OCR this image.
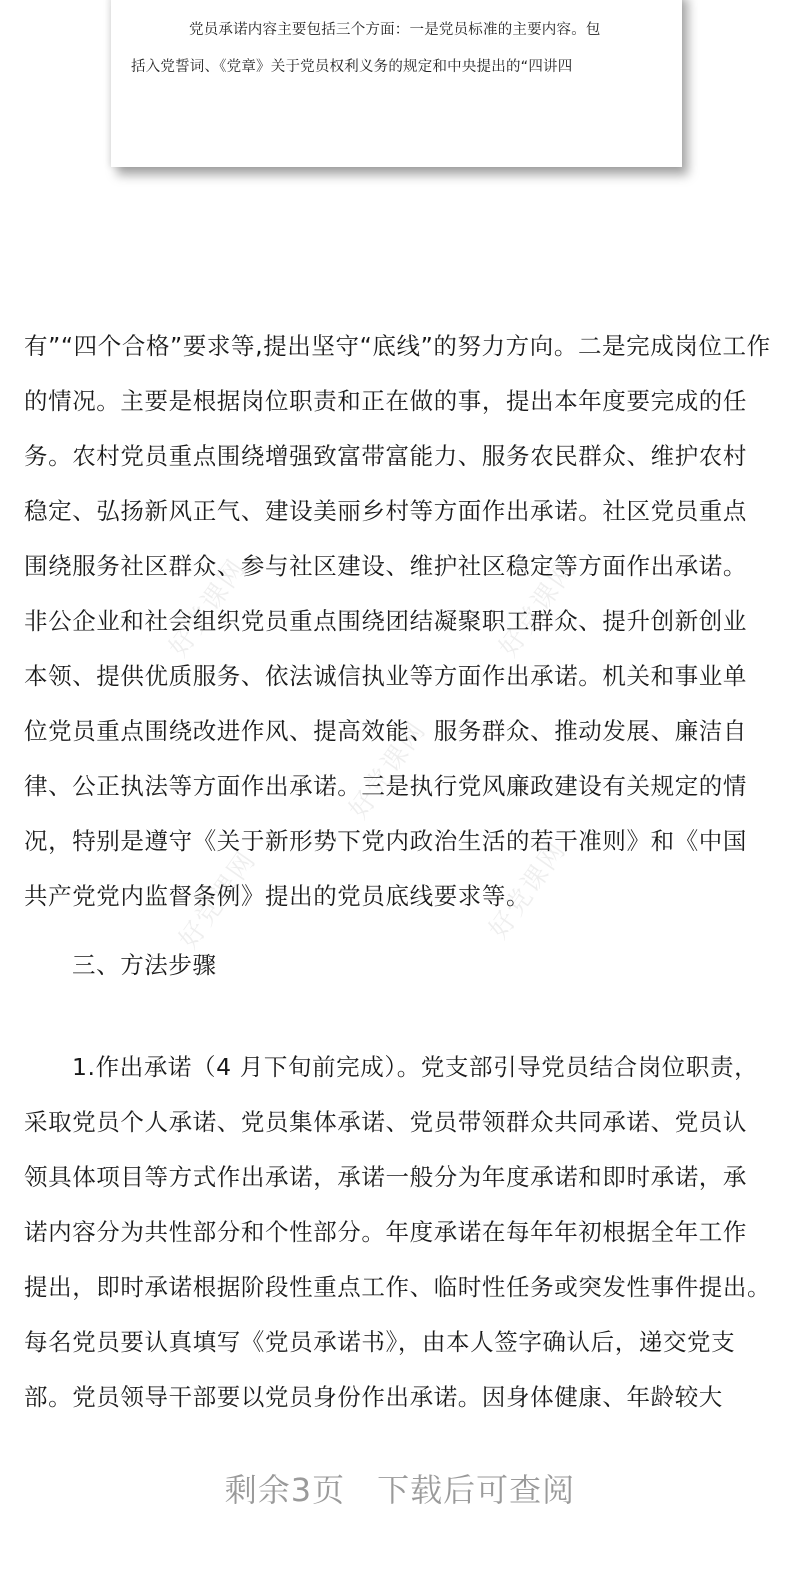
党员承诺内容主要包括三个方面：一是党员标准的主要内容。包
括入党誓词、《党章》关于党员权利义务的规定和中央提出的“四讲四
好党课网	好党课网
好党课网
好党课网	好党课网
有”“四个合格”要求等,提出坚守“底线”的努力方向。二是完成岗位工作
的情况。主要是根据岗位职责和正在做的事，提出本年度要完成的任
务。农村党员重点围绕增强致富带富能力、服务农民群众、维护农村
稳定、弘扬新风正气、建设美丽乡村等方面作出承诺。社区党员重点
围绕服务社区群众、参与社区建设、维护社区稳定等方面作出承诺。
非公企业和社会组织党员重点围绕团结凝聚职工群众、提升创新创业
本领、提供优质服务、依法诚信执业等方面作出承诺。机关和事业单
位党员重点围绕改进作风、提高效能、服务群众、推动发展、廉洁自
律、公正执法等方面作出承诺。三是执行党风廉政建设有关规定的情
况，特别是遵守《关于新形势下党内政治生活的若干准则》和《中国
共产党党内监督条例》提出的党员底线要求等。
三、方法步骤
1.作出承诺（4 月下旬前完成）。党支部引导党员结合岗位职责，
采取党员个人承诺、党员集体承诺、党员带领群众共同承诺、党员认
领具体项目等方式作出承诺，承诺一般分为年度承诺和即时承诺，承
诺内容分为共性部分和个性部分。年度承诺在每年年初根据全年工作
提出，即时承诺根据阶段性重点工作、临时性任务或突发性事件提出。
每名党员要认真填写《党员承诺书》，由本人签字确认后，递交党支
部。党员领导干部要以党员身份作出承诺。因身体健康、年龄较大
剩余3页 下载后可查阅
